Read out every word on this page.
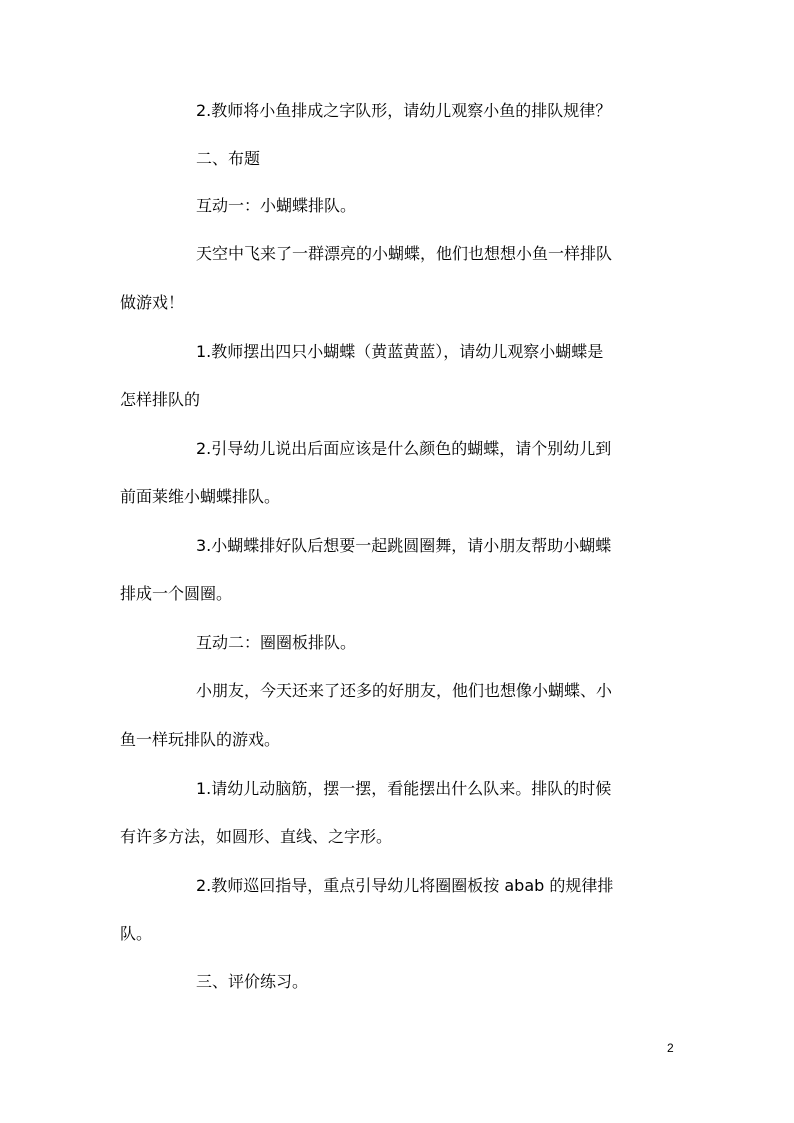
2.教师将小鱼排成之字队形，请幼儿观察小鱼的排队规律？
二、布题
互动一：小蝴蝶排队。
天空中飞来了一群漂亮的小蝴蝶，他们也想想小鱼一样排队
做游戏！
1.教师摆出四只小蝴蝶（黄蓝黄蓝），请幼儿观察小蝴蝶是
怎样排队的
2.引导幼儿说出后面应该是什么颜色的蝴蝶，请个别幼儿到
前面莱维小蝴蝶排队。
3.小蝴蝶排好队后想要一起跳圆圈舞，请小朋友帮助小蝴蝶
排成一个圆圈。
互动二：圈圈板排队。
小朋友，今天还来了还多的好朋友，他们也想像小蝴蝶、小
鱼一样玩排队的游戏。
1.请幼儿动脑筋，摆一摆，看能摆出什么队来。排队的时候
有许多方法，如圆形、直线、之字形。
2.教师巡回指导，重点引导幼儿将圈圈板按 abab 的规律排
队。
三、评价练习。
2
